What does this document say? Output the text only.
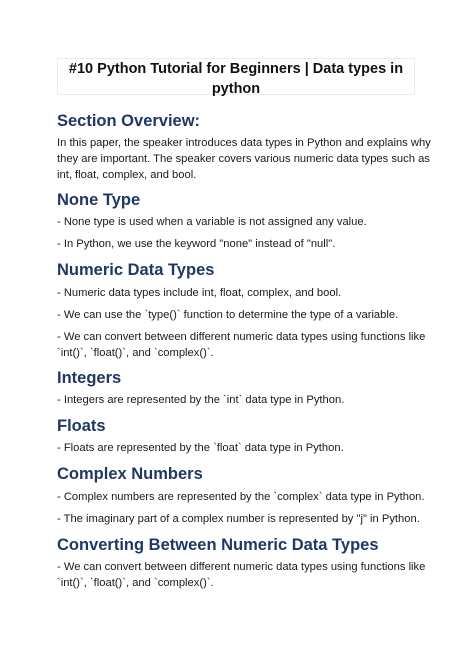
#10 Python Tutorial for Beginners | Data types in
python
Section Overview:
In this paper, the speaker introduces data types in Python and explains why
they are important. The speaker covers various numeric data types such as
int, float, complex, and bool.
None Type
- None type is used when a variable is not assigned any value.
- In Python, we use the keyword "none" instead of "null".
Numeric Data Types
- Numeric data types include int, float, complex, and bool.
- We can use the `type()` function to determine the type of a variable.
- We can convert between different numeric data types using functions like
`int()`, `float()`, and `complex()`.
Integers
- Integers are represented by the `int` data type in Python.
Floats
- Floats are represented by the `float` data type in Python.
Complex Numbers
- Complex numbers are represented by the `complex` data type in Python.
- The imaginary part of a complex number is represented by "j" in Python.
Converting Between Numeric Data Types
- We can convert between different numeric data types using functions like
`int()`, `float()`, and `complex()`.
